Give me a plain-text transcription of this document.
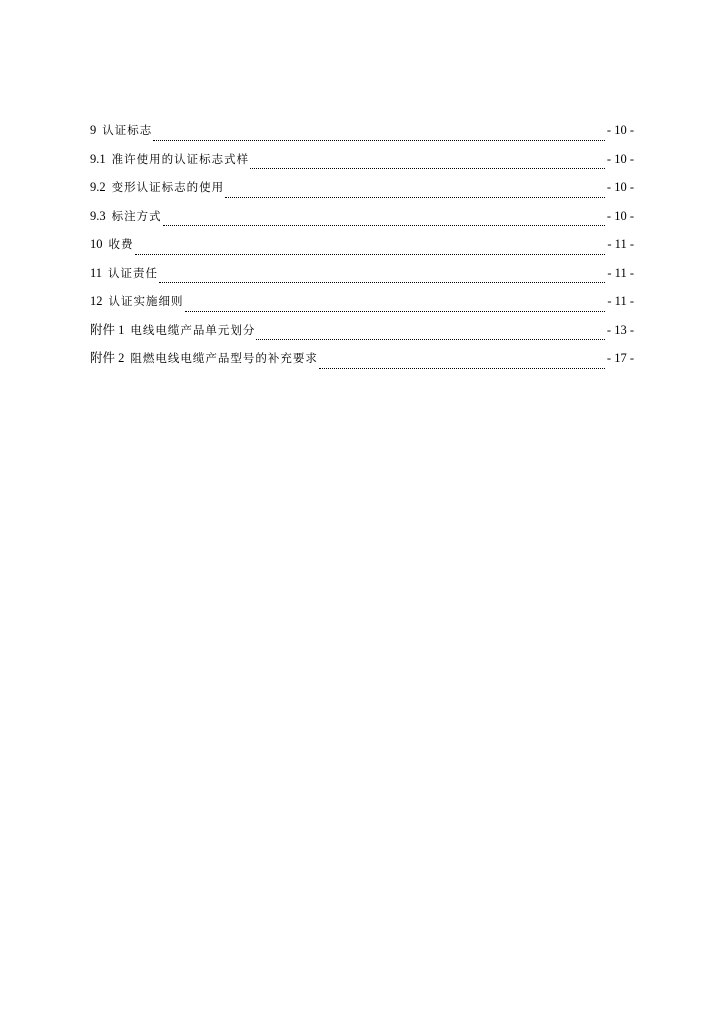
9 认证标志	- 10 -
9.1 准许使用的认证标志式样	- 10 -
9.2 变形认证标志的使用	- 10 -
9.3 标注方式	- 10 -
10 收费	- 11 -
11 认证责任	- 11 -
12 认证实施细则	- 11 -
附件 1 电线电缆产品单元划分	- 13 -
附件 2 阻燃电线电缆产品型号的补充要求	- 17 -
